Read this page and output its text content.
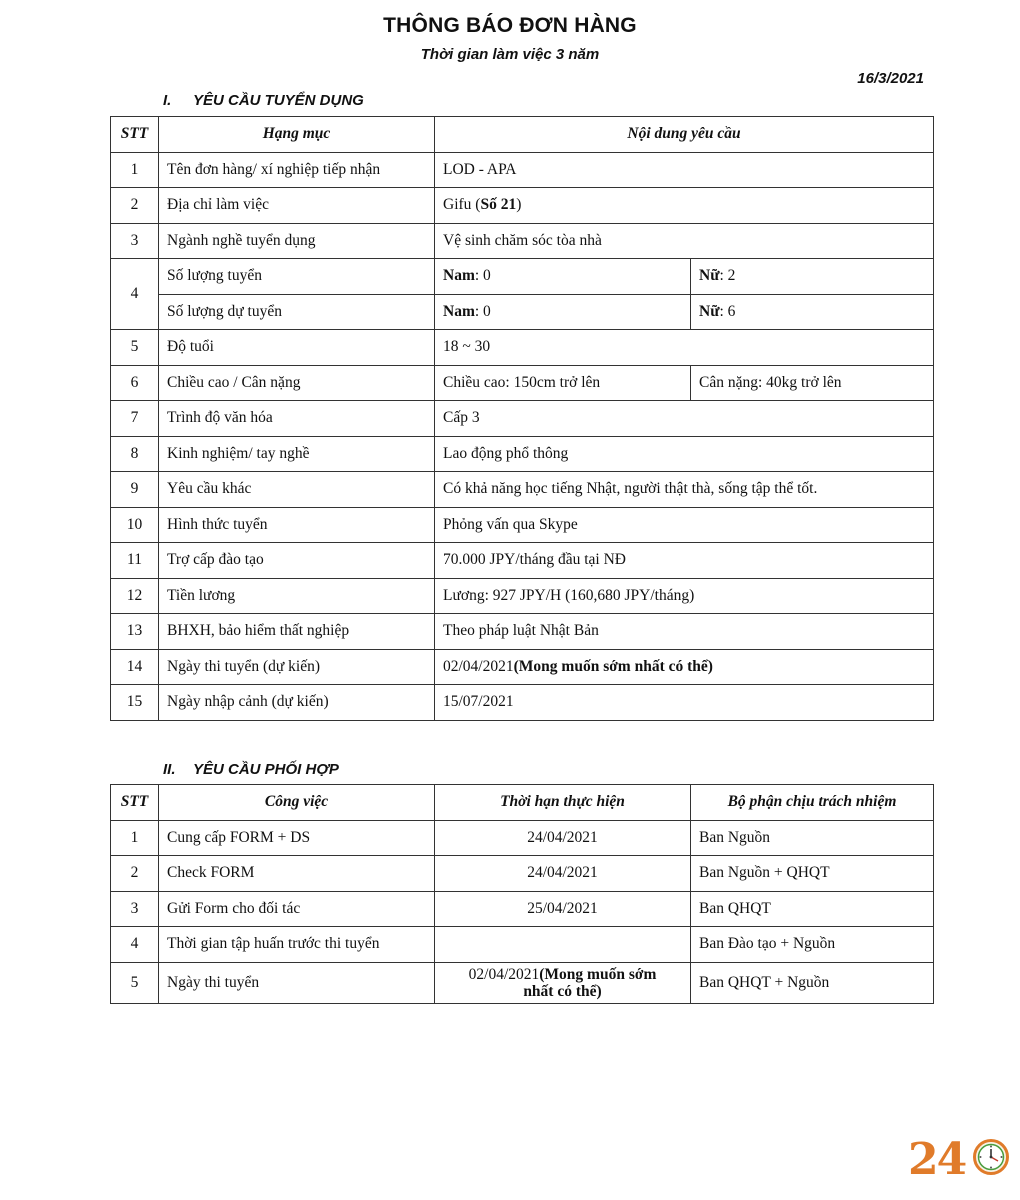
THÔNG BÁO ĐƠN HÀNG
Thời gian làm việc 3 năm
16/3/2021
I. YÊU CẦU TUYỂN DỤNG
STT	Hạng mục	Nội dung yêu cầu	
1	Tên đơn hàng/ xí nghiệp tiếp nhận	LOD - APA	
2	Địa chỉ làm việc	Gifu (Số 21)	
3	Ngành nghề tuyển dụng	Vệ sinh chăm sóc tòa nhà	
4	Số lượng tuyển	Nam: 0	Nữ: 2
	Số lượng dự tuyển	Nam: 0	Nữ: 6
5	Độ tuổi	18 ~ 30	
6	Chiều cao / Cân nặng	Chiều cao: 150cm trở lên	Cân nặng: 40kg trở lên
7	Trình độ văn hóa	Cấp 3	
8	Kinh nghiệm/ tay nghề	Lao động phổ thông	
9	Yêu cầu khác	Có khả năng học tiếng Nhật, người thật thà, sống tập thể tốt.	
10	Hình thức tuyển	Phỏng vấn qua Skype	
11	Trợ cấp đào tạo	70.000 JPY/tháng đầu tại NĐ	
12	Tiền lương	Lương: 927 JPY/H (160,680 JPY/tháng)	
13	BHXH, bảo hiểm thất nghiệp	Theo pháp luật Nhật Bản	
14	Ngày thi tuyển (dự kiến)	02/04/2021(Mong muốn sớm nhất có thể)	
15	Ngày nhập cảnh (dự kiến)	15/07/2021	
II. YÊU CẦU PHỐI HỢP
STT	Công việc	Thời hạn thực hiện	Bộ phận chịu trách nhiệm
1	Cung cấp FORM + DS	24/04/2021	Ban Nguồn
2	Check FORM	24/04/2021	Ban Nguồn + QHQT
3	Gửi Form cho đối tác	25/04/2021	Ban QHQT
4	Thời gian tập huấn trước thi tuyển		Ban Đào tạo + Nguồn
5	Ngày thi tuyển	02/04/2021(Mong muốn sớm nhất có thể)	Ban QHQT + Nguồn
24
